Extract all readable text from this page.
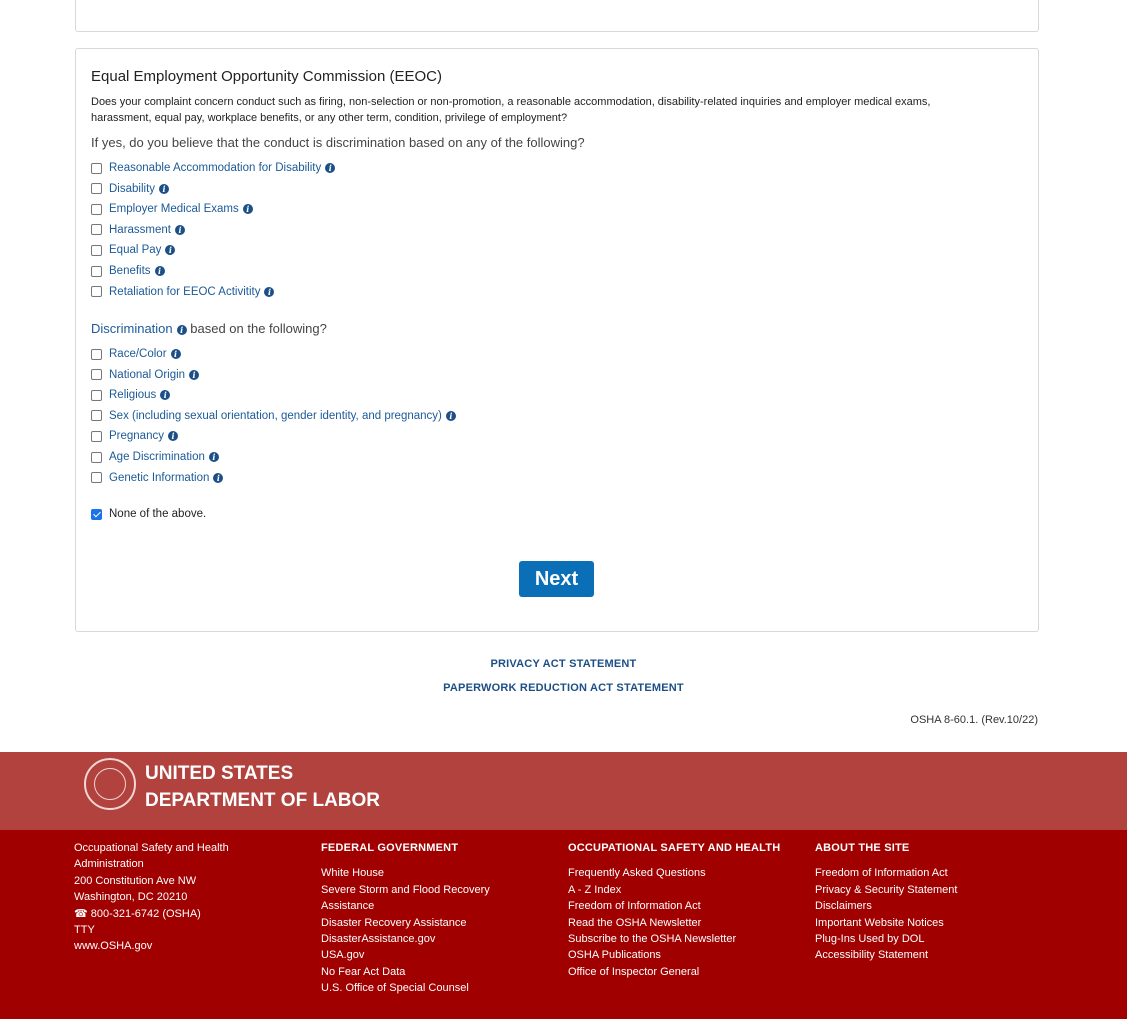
Equal Employment Opportunity Commission (EEOC)
Does your complaint concern conduct such as firing, non-selection or non-promotion, a reasonable accommodation, disability-related inquiries and employer medical exams, harassment, equal pay, workplace benefits, or any other term, condition, privilege of employment?
If yes, do you believe that the conduct is discrimination based on any of the following?
Reasonable Accommodation for Disability i
Disability i
Employer Medical Exams i
Harassment i
Equal Pay i
Benefits i
Retaliation for EEOC Activitity i
Discrimination i based on the following?
Race/Color i
National Origin i
Religious i
Sex (including sexual orientation, gender identity, and pregnancy) i
Pregnancy i
Age Discrimination i
Genetic Information i
None of the above.
Next
PRIVACY ACT STATEMENT
PAPERWORK REDUCTION ACT STATEMENT
OSHA 8-60.1. (Rev.10/22)
UNITED STATES
DEPARTMENT OF LABOR
Occupational Safety and Health
Administration
200 Constitution Ave NW
Washington, DC 20210
☎ 800-321-6742 (OSHA)
TTY
www.OSHA.gov
FEDERAL GOVERNMENT
White House
Severe Storm and Flood Recovery
Assistance
Disaster Recovery Assistance
DisasterAssistance.gov
USA.gov
No Fear Act Data
U.S. Office of Special Counsel
OCCUPATIONAL SAFETY AND HEALTH
Frequently Asked Questions
A - Z Index
Freedom of Information Act
Read the OSHA Newsletter
Subscribe to the OSHA Newsletter
OSHA Publications
Office of Inspector General
ABOUT THE SITE
Freedom of Information Act
Privacy & Security Statement
Disclaimers
Important Website Notices
Plug-Ins Used by DOL
Accessibility Statement
